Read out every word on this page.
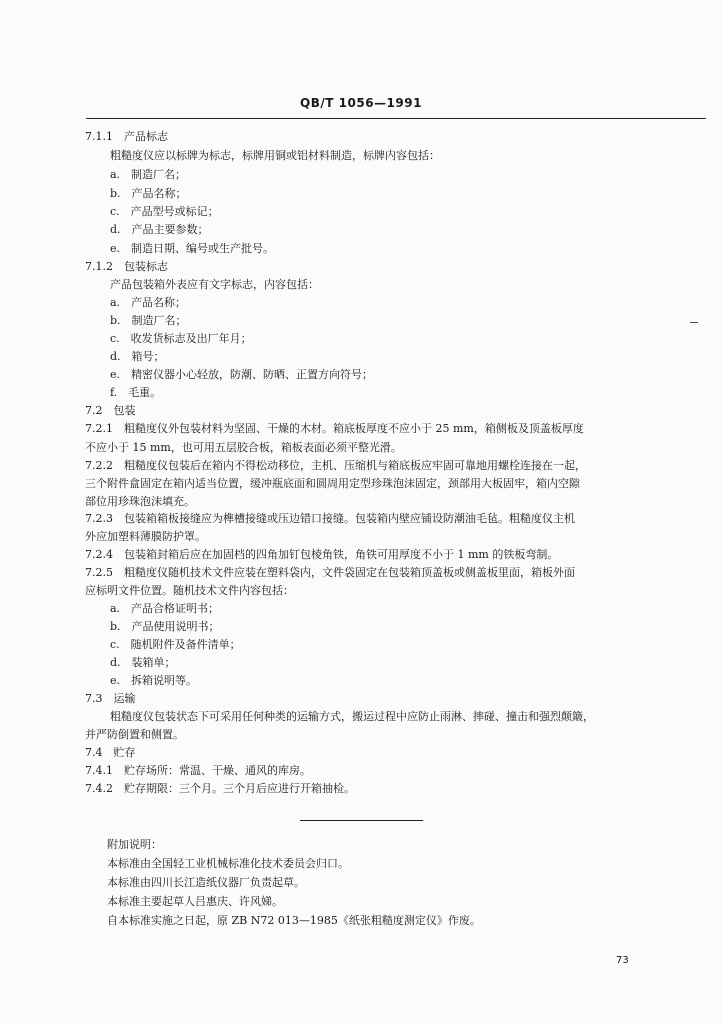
QB/T 1056—1991
7.1.1　产品标志
粗糙度仪应以标牌为标志，标牌用铜或铝材料制造，标牌内容包括：
a.　制造厂名；
b.　产品名称；
c.　产品型号或标记；
d.　产品主要参数；
e.　制造日期、编号或生产批号。
7.1.2　包装标志
产品包装箱外表应有文字标志，内容包括：
a.　产品名称；
b.　制造厂名；
c.　收发货标志及出厂年月；
d.　箱号；
e.　精密仪器小心轻放，防潮、防晒、正置方向符号；
f.　毛重。
7.2　包装
7.2.1　粗糙度仪外包装材料为坚固、干燥的木材。箱底板厚度不应小于 25 mm，箱侧板及顶盖板厚度
不应小于 15 mm，也可用五层胶合板，箱板表面必须平整光滑。
7.2.2　粗糙度仪包装后在箱内不得松动移位，主机、压缩机与箱底板应牢固可靠地用螺栓连接在一起，
三个附件盒固定在箱内适当位置，缓冲瓶底面和圆周用定型珍珠泡沫固定，颈部用大板固牢，箱内空隙
部位用珍珠泡沫填充。
7.2.3　包装箱箱板接缝应为榫槽接缝或压边错口接缝。包装箱内壁应铺设防潮油毛毡。粗糙度仪主机
外应加塑料薄膜防护罩。
7.2.4　包装箱封箱后应在加固档的四角加钉包棱角铁，角铁可用厚度不小于 1 mm 的铁板弯制。
7.2.5　粗糙度仪随机技术文件应装在塑料袋内，文件袋固定在包装箱顶盖板或侧盖板里面，箱板外面
应标明文件位置。随机技术文件内容包括：
a.　产品合格证明书；
b.　产品使用说明书；
c.　随机附件及备件清单；
d.　装箱单；
e.　拆箱说明等。
7.3　运输
粗糙度仪包装状态下可采用任何种类的运输方式，搬运过程中应防止雨淋、摔碰、撞击和强烈颠簸，
并严防倒置和侧置。
7.4　贮存
7.4.1　贮存场所：常温、干燥、通风的库房。
7.4.2　贮存期限：三个月。三个月后应进行开箱抽检。
附加说明：
本标准由全国轻工业机械标准化技术委员会归口。
本标准由四川长江造纸仪器厂负责起草。
本标准主要起草人吕惠庆、许风娣。
自本标准实施之日起，原 ZB N72 013—1985《纸张粗糙度测定仪》作废。
73
